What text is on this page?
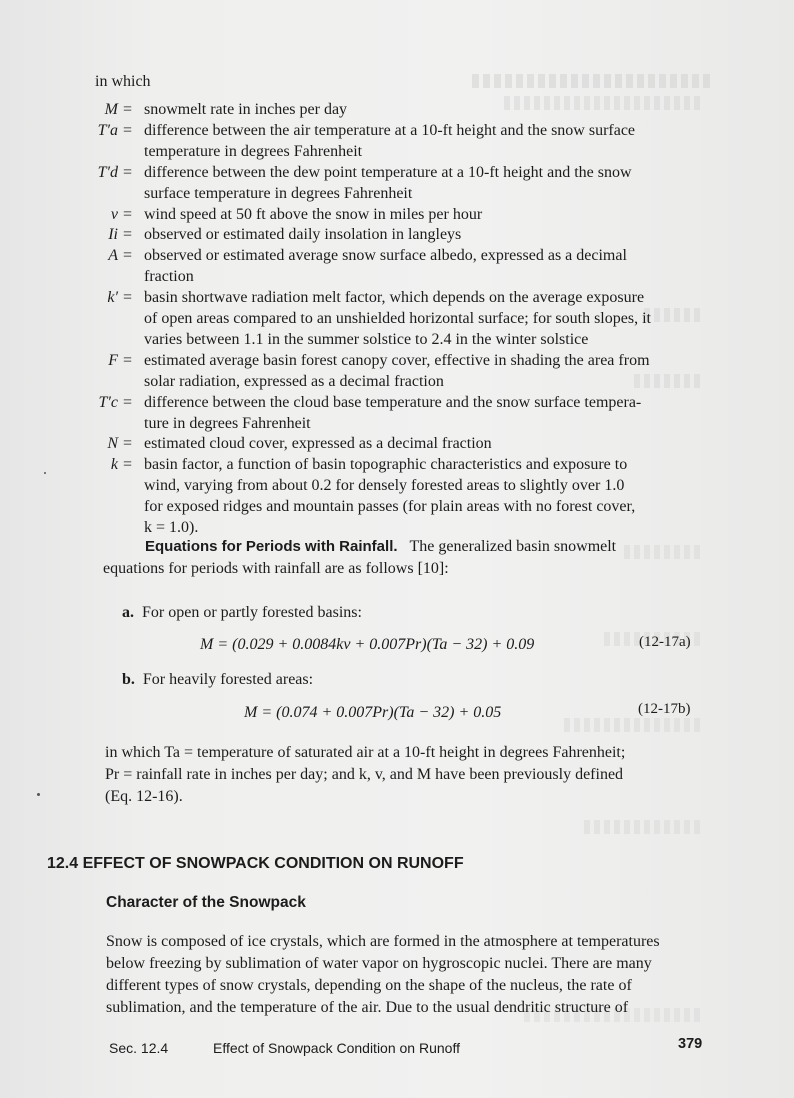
in which
M = snowmelt rate in inches per day
T′a = difference between the air temperature at a 10-ft height and the snow surface
temperature in degrees Fahrenheit
T′d = difference between the dew point temperature at a 10-ft height and the snow
surface temperature in degrees Fahrenheit
v = wind speed at 50 ft above the snow in miles per hour
Ii = observed or estimated daily insolation in langleys
A = observed or estimated average snow surface albedo, expressed as a decimal
fraction
k′ = basin shortwave radiation melt factor, which depends on the average exposure
of open areas compared to an unshielded horizontal surface; for south slopes, it
varies between 1.1 in the summer solstice to 2.4 in the winter solstice
F = estimated average basin forest canopy cover, effective in shading the area from
solar radiation, expressed as a decimal fraction
T′c = difference between the cloud base temperature and the snow surface tempera-
ture in degrees Fahrenheit
N = estimated cloud cover, expressed as a decimal fraction
k = basin factor, a function of basin topographic characteristics and exposure to
wind, varying from about 0.2 for densely forested areas to slightly over 1.0
for exposed ridges and mountain passes (for plain areas with no forest cover,
k = 1.0).
Equations for Periods with Rainfall. The generalized basin snowmelt
equations for periods with rainfall are as follows [10]:
a. For open or partly forested basins:
M = (0.029 + 0.0084kv + 0.007Pr)(Ta − 32) + 0.09	(12-17a)
b. For heavily forested areas:
M = (0.074 + 0.007Pr)(Ta − 32) + 0.05	(12-17b)
in which Ta = temperature of saturated air at a 10-ft height in degrees Fahrenheit;
Pr = rainfall rate in inches per day; and k, v, and M have been previously defined
(Eq. 12-16).
12.4 EFFECT OF SNOWPACK CONDITION ON RUNOFF
Character of the Snowpack
Snow is composed of ice crystals, which are formed in the atmosphere at temperatures
below freezing by sublimation of water vapor on hygroscopic nuclei. There are many
different types of snow crystals, depending on the shape of the nucleus, the rate of
sublimation, and the temperature of the air. Due to the usual dendritic structure of
Sec. 12.4	Effect of Snowpack Condition on Runoff	379
